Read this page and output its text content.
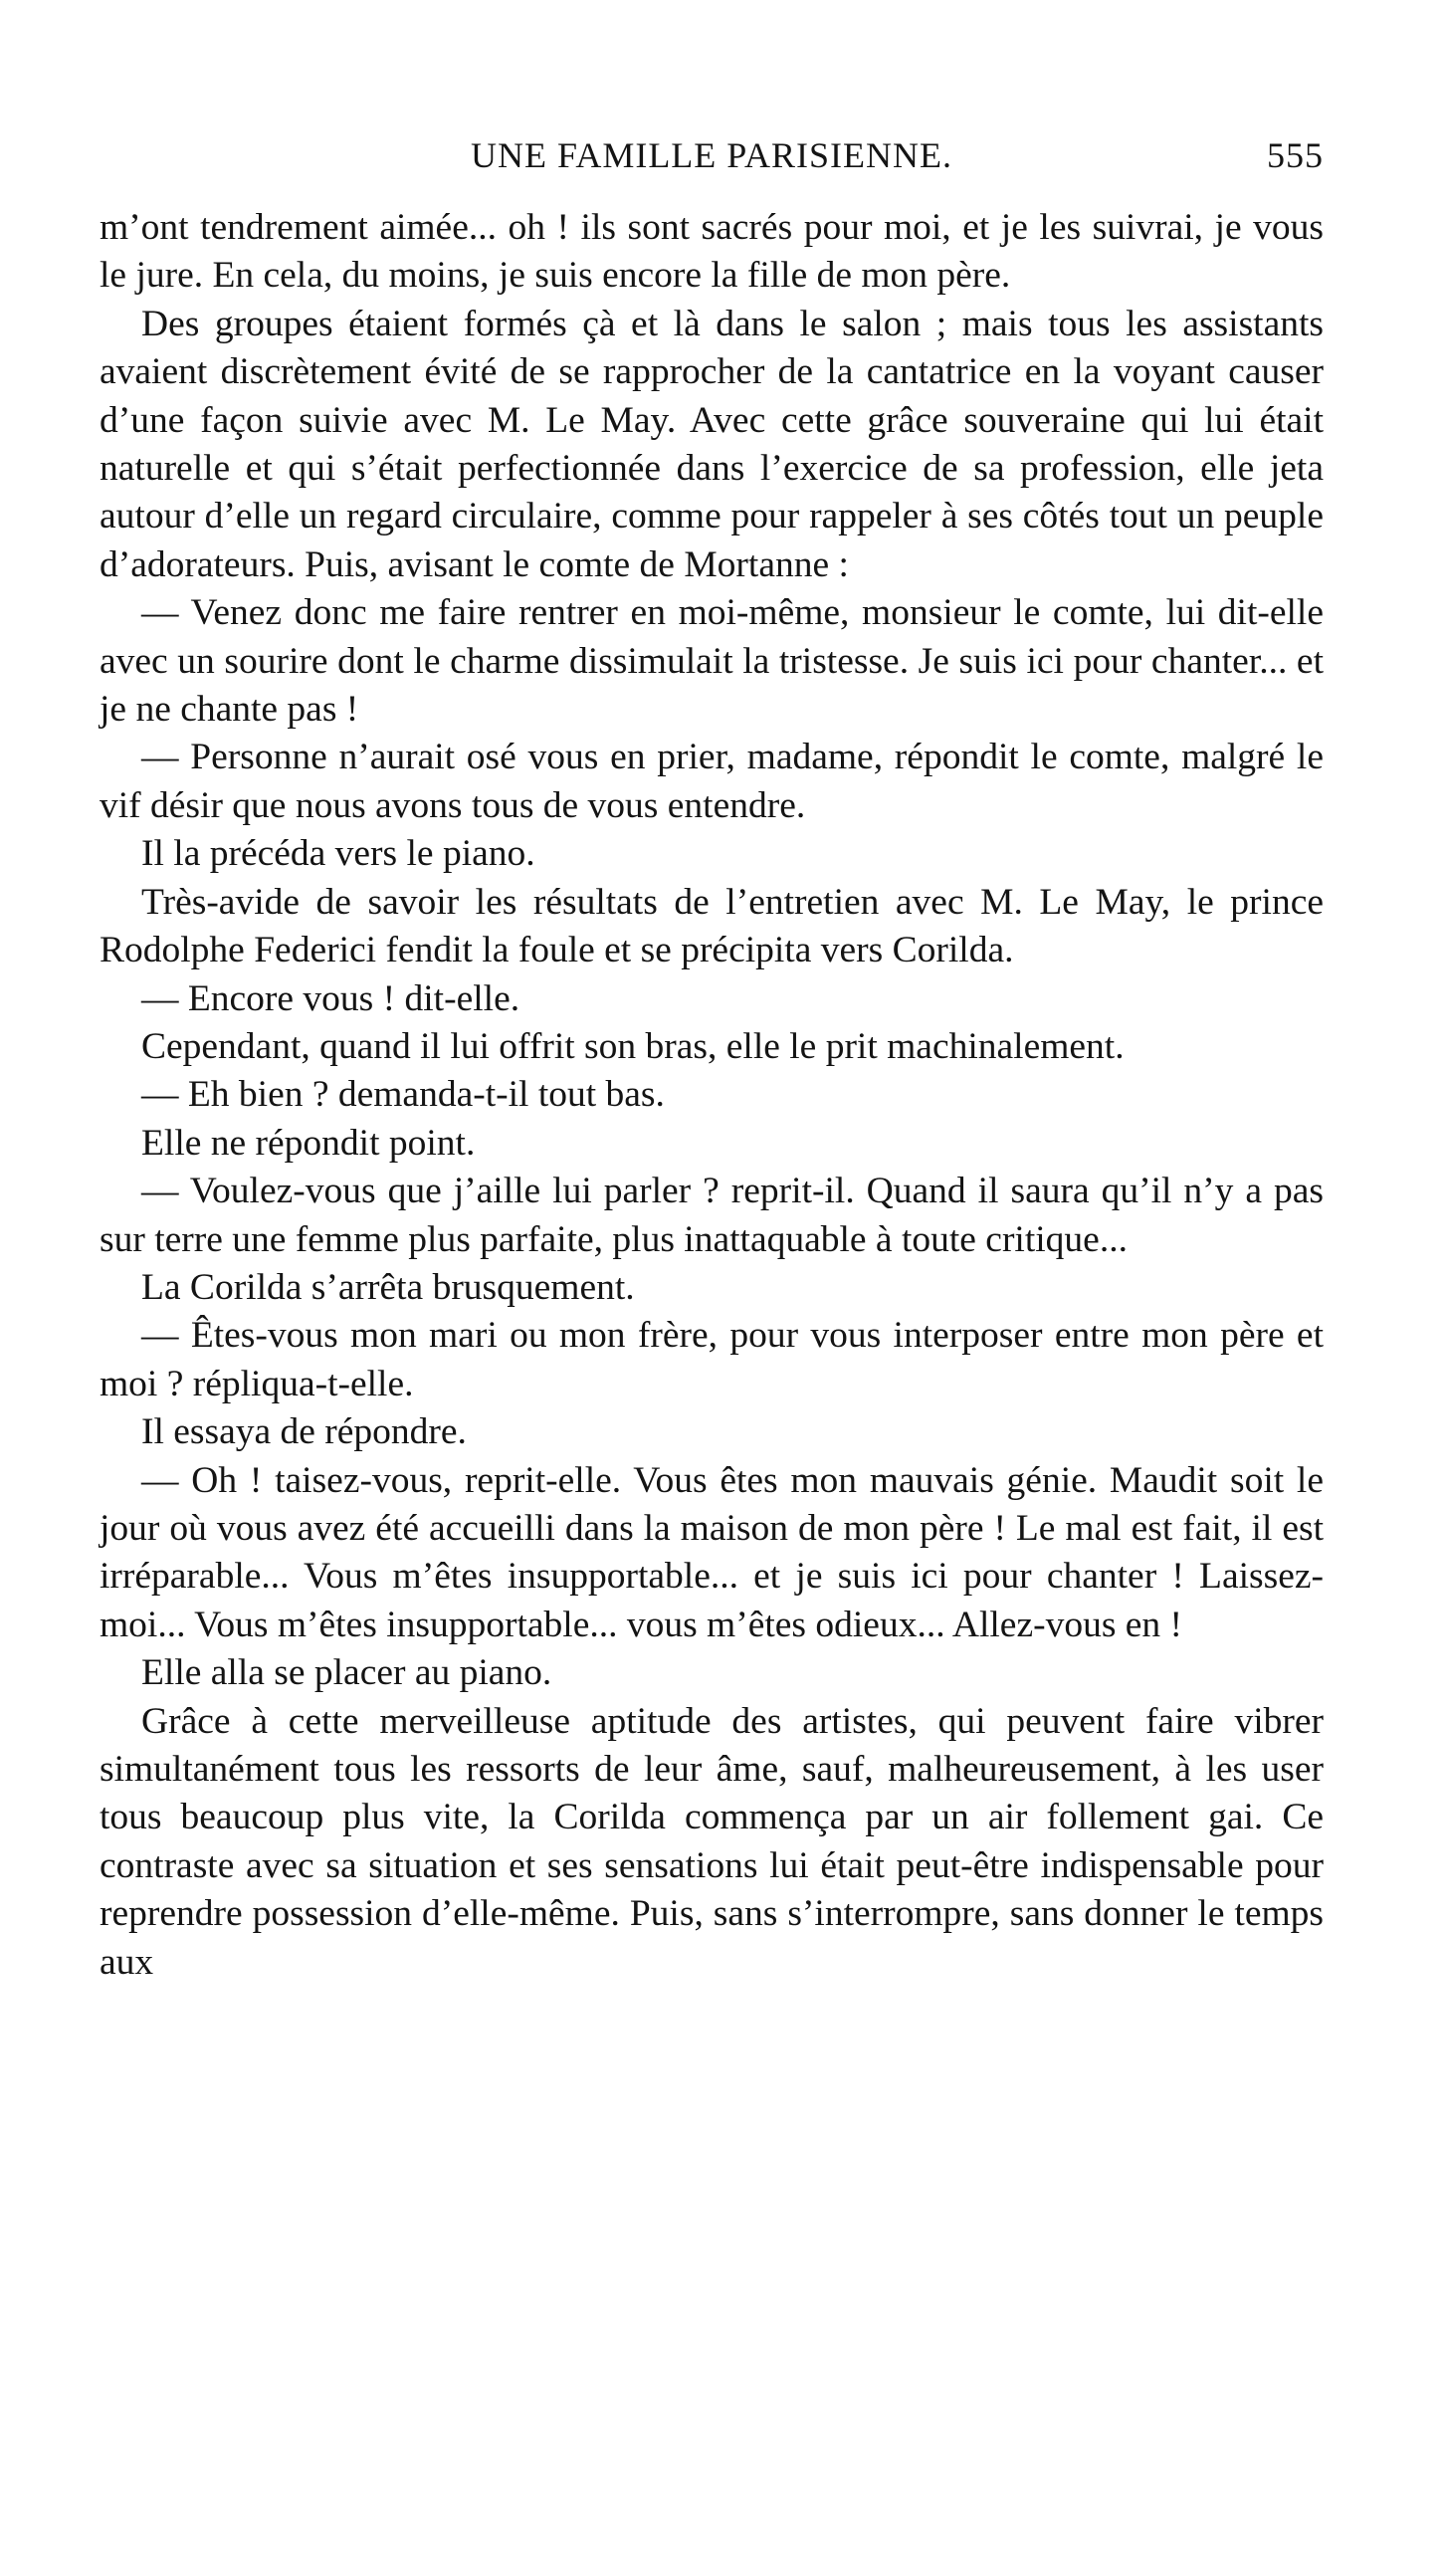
UNE FAMILLE PARISIENNE.	555

m’ont tendrement aimée... oh ! ils sont sacrés pour moi, et je les suivrai, je vous le jure. En cela, du moins, je suis encore la fille de mon père.

Des groupes étaient formés çà et là dans le salon ; mais tous les assistants avaient discrètement évité de se rapprocher de la cantatrice en la voyant causer d’une façon suivie avec M. Le May. Avec cette grâce souveraine qui lui était naturelle et qui s’était perfectionnée dans l’exercice de sa profession, elle jeta autour d’elle un regard circulaire, comme pour rappeler à ses côtés tout un peuple d’adorateurs. Puis, avisant le comte de Mortanne :

— Venez donc me faire rentrer en moi-même, monsieur le comte, lui dit-elle avec un sourire dont le charme dissimulait la tristesse. Je suis ici pour chanter... et je ne chante pas !

— Personne n’aurait osé vous en prier, madame, répondit le comte, malgré le vif désir que nous avons tous de vous entendre.

Il la précéda vers le piano.

Très-avide de savoir les résultats de l’entretien avec M. Le May, le prince Rodolphe Federici fendit la foule et se précipita vers Corilda.

— Encore vous ! dit-elle.

Cependant, quand il lui offrit son bras, elle le prit machinalement.

— Eh bien ? demanda-t-il tout bas.

Elle ne répondit point.

— Voulez-vous que j’aille lui parler ? reprit-il. Quand il saura qu’il n’y a pas sur terre une femme plus parfaite, plus inattaquable à toute critique...

La Corilda s’arrêta brusquement.

— Êtes-vous mon mari ou mon frère, pour vous interposer entre mon père et moi ? répliqua-t-elle.

Il essaya de répondre.

— Oh ! taisez-vous, reprit-elle. Vous êtes mon mauvais génie. Maudit soit le jour où vous avez été accueilli dans la maison de mon père ! Le mal est fait, il est irréparable... Vous m’êtes insupportable... et je suis ici pour chanter ! Laissez-moi... Vous m’êtes insupportable... vous m’êtes odieux... Allez-vous en !

Elle alla se placer au piano.

Grâce à cette merveilleuse aptitude des artistes, qui peuvent faire vibrer simultanément tous les ressorts de leur âme, sauf, malheureusement, à les user tous beaucoup plus vite, la Corilda commença par un air follement gai. Ce contraste avec sa situation et ses sensations lui était peut-être indispensable pour reprendre possession d’elle-même. Puis, sans s’interrompre, sans donner le temps aux
